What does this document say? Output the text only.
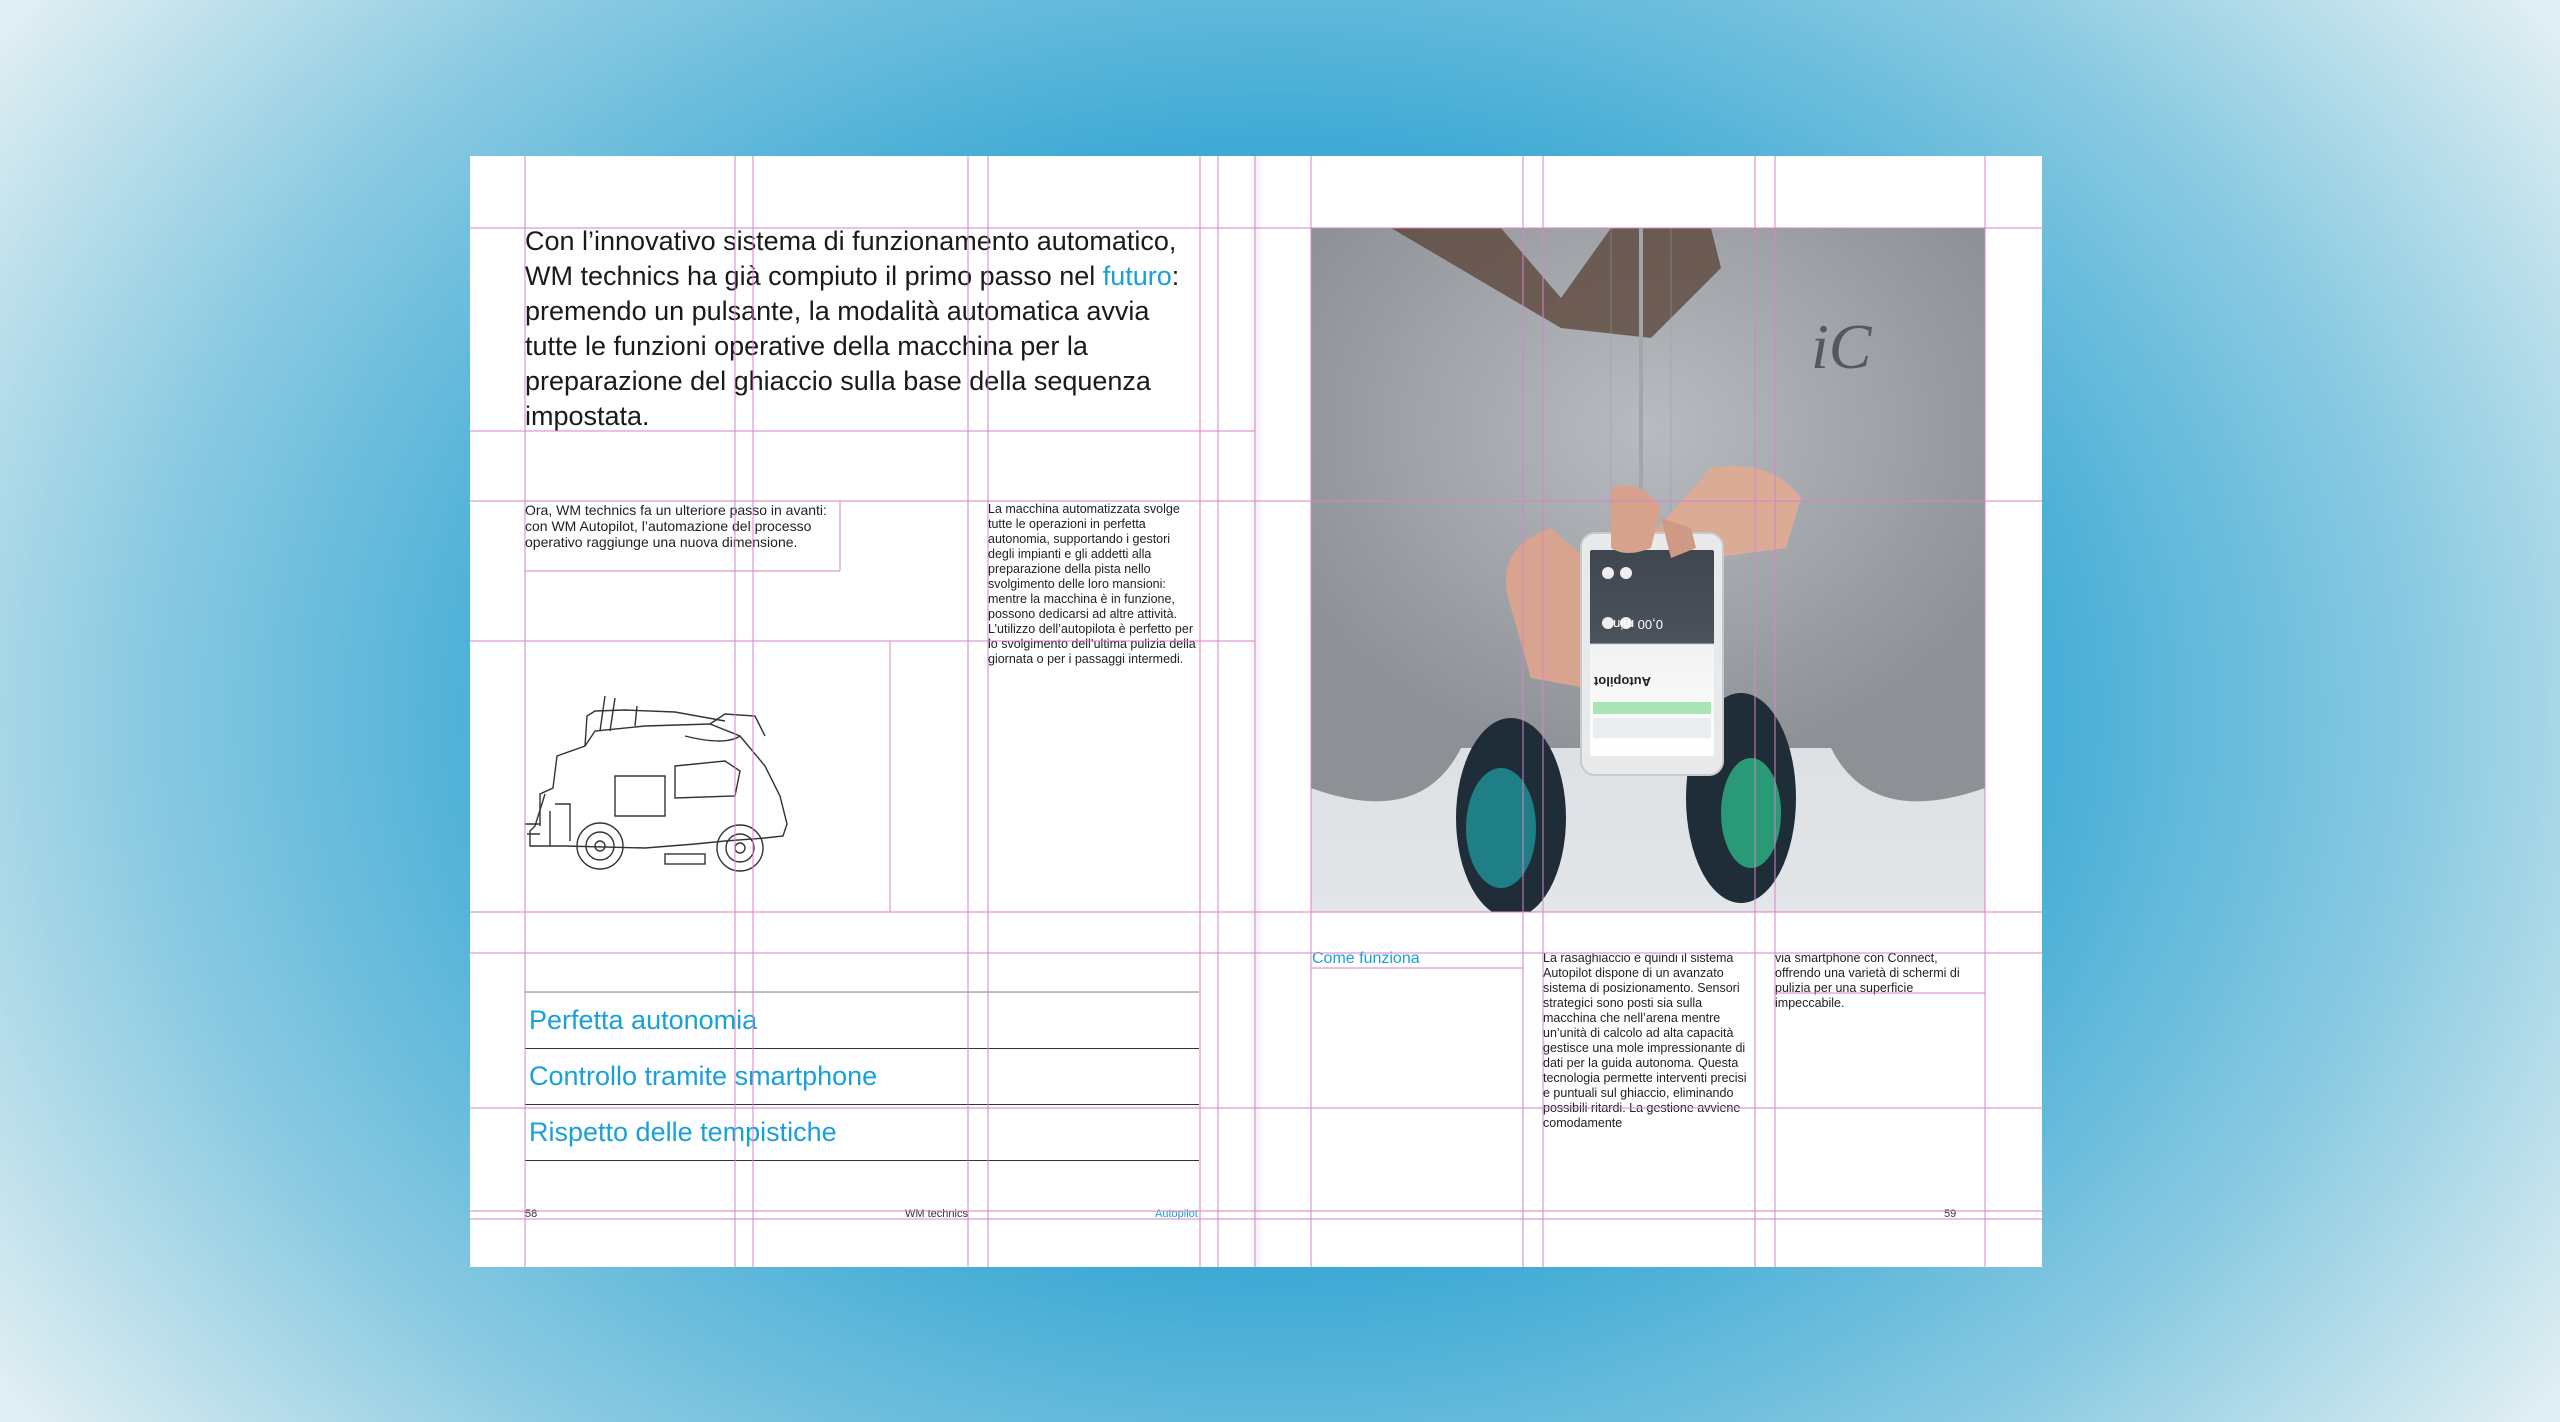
Con l’innovativo sistema di funzionamento automatico, WM technics ha già compiuto il primo passo nel futuro: premendo un pulsante, la modalità automatica avvia tutte le funzioni operative della macchina per la preparazione del ghiaccio sulla base della sequenza impostata.

Ora, WM technics fa un ulteriore passo in avanti: con WM Autopilot, l’automazione del processo operativo raggiunge una nuova dimensione.

La macchina automatizzata svolge tutte le operazioni in perfetta autonomia, supportando i gestori degli impianti e gli addetti alla preparazione della pista nello svolgimento delle loro mansioni: mentre la macchina è in funzione, possono dedicarsi ad altre attività. L’utilizzo dell’autopilota è perfetto per lo svolgimento dell’ultima pulizia della giornata o per i passaggi intermedi.

Perfetta autonomia
Controllo tramite smartphone
Rispetto delle tempistiche

58	WM technics	Autopilot	59

iC
0,00 min
Autopilot

Come funziona	La rasaghiaccio e quindi il sistema Autopilot dispone di un avanzato sistema di posizionamento. Sensori strategici sono posti sia sulla macchina che nell’arena mentre un’unità di calcolo ad alta capacità gestisce una mole impressionante di dati per la guida autonoma. Questa tecnologia permette interventi precisi e puntuali sul ghiaccio, eliminando possibili ritardi. La gestione avviene comodamente

via smartphone con Connect, offrendo una varietà di schermi di pulizia per una superficie impeccabile.
